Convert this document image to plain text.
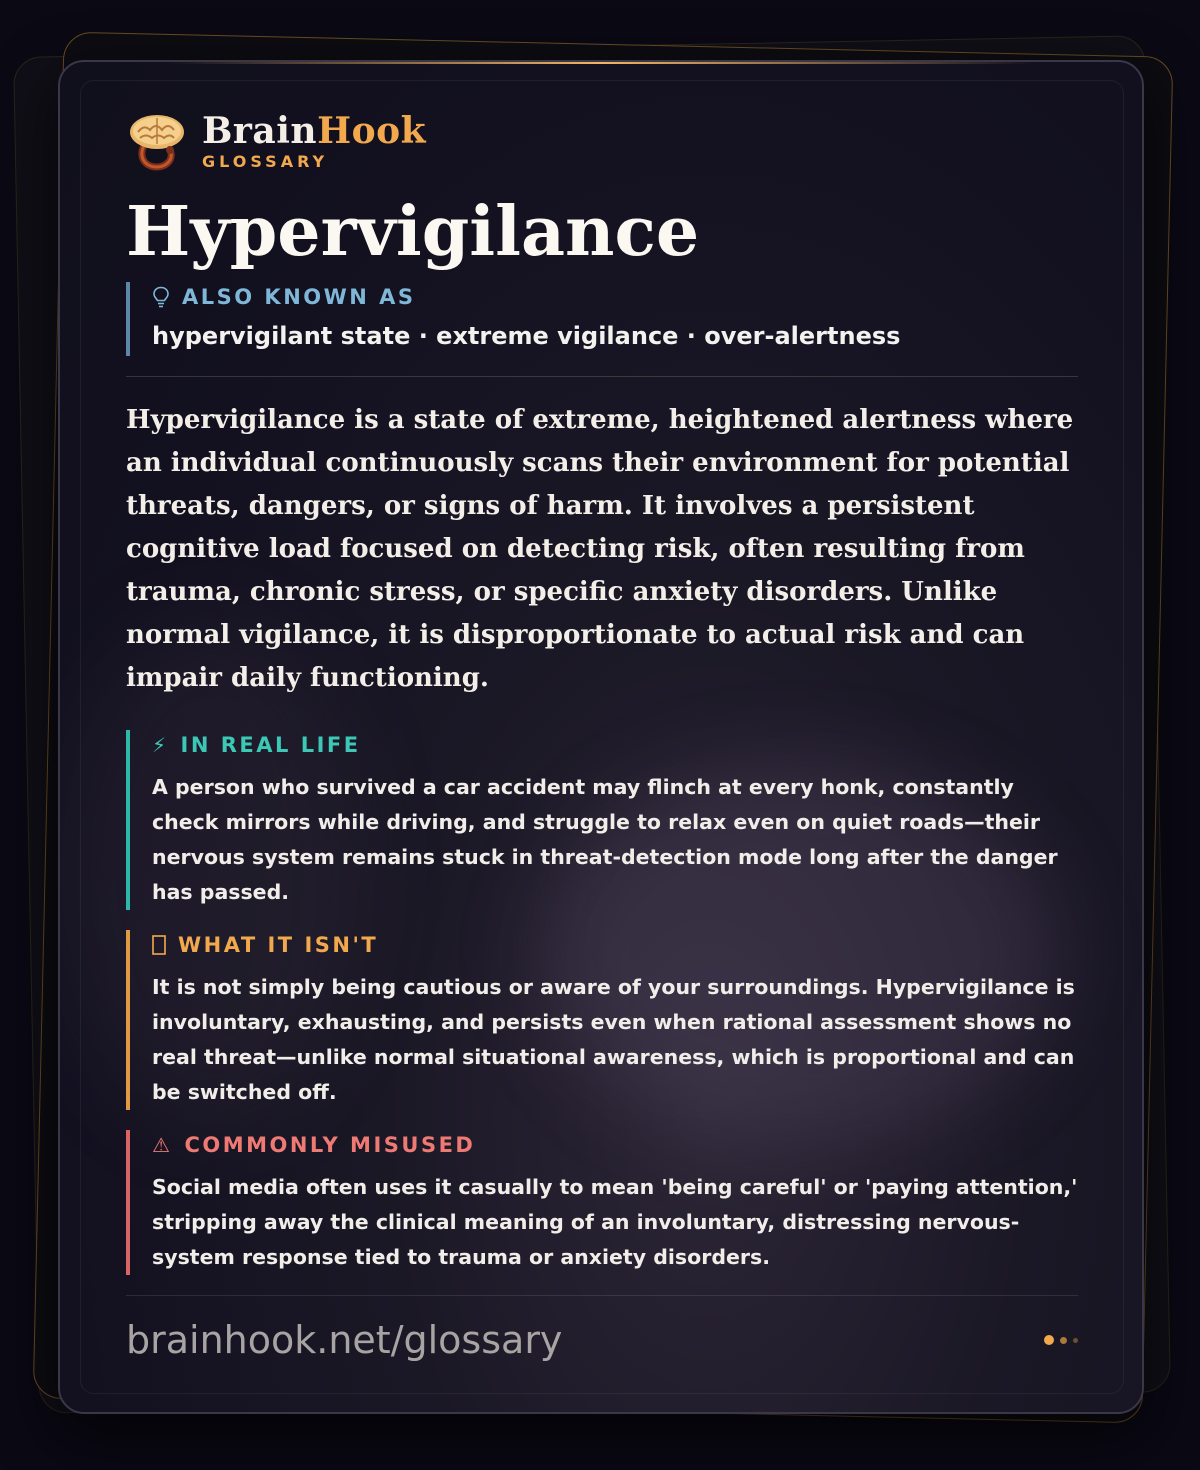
BrainHook
GLOSSARY
Hypervigilance
ALSO KNOWN AS
hypervigilant state · extreme vigilance · over-alertness
Hypervigilance is a state of extreme, heightened alertness where an individual continuously scans their environment for potential threats, dangers, or signs of harm. It involves a persistent cognitive load focused on detecting risk, often resulting from trauma, chronic stress, or specific anxiety disorders. Unlike normal vigilance, it is disproportionate to actual risk and can impair daily functioning.
⚡ IN REAL LIFE
A person who survived a car accident may flinch at every honk, constantly check mirrors while driving, and struggle to relax even on quiet roads—their nervous system remains stuck in threat-detection mode long after the danger has passed.
WHAT IT ISN'T
It is not simply being cautious or aware of your surroundings. Hypervigilance is involuntary, exhausting, and persists even when rational assessment shows no real threat—unlike normal situational awareness, which is proportional and can be switched off.
⚠ COMMONLY MISUSED
Social media often uses it casually to mean 'being careful' or 'paying attention,' stripping away the clinical meaning of an involuntary, distressing nervous-system response tied to trauma or anxiety disorders.
brainhook.net/glossary
